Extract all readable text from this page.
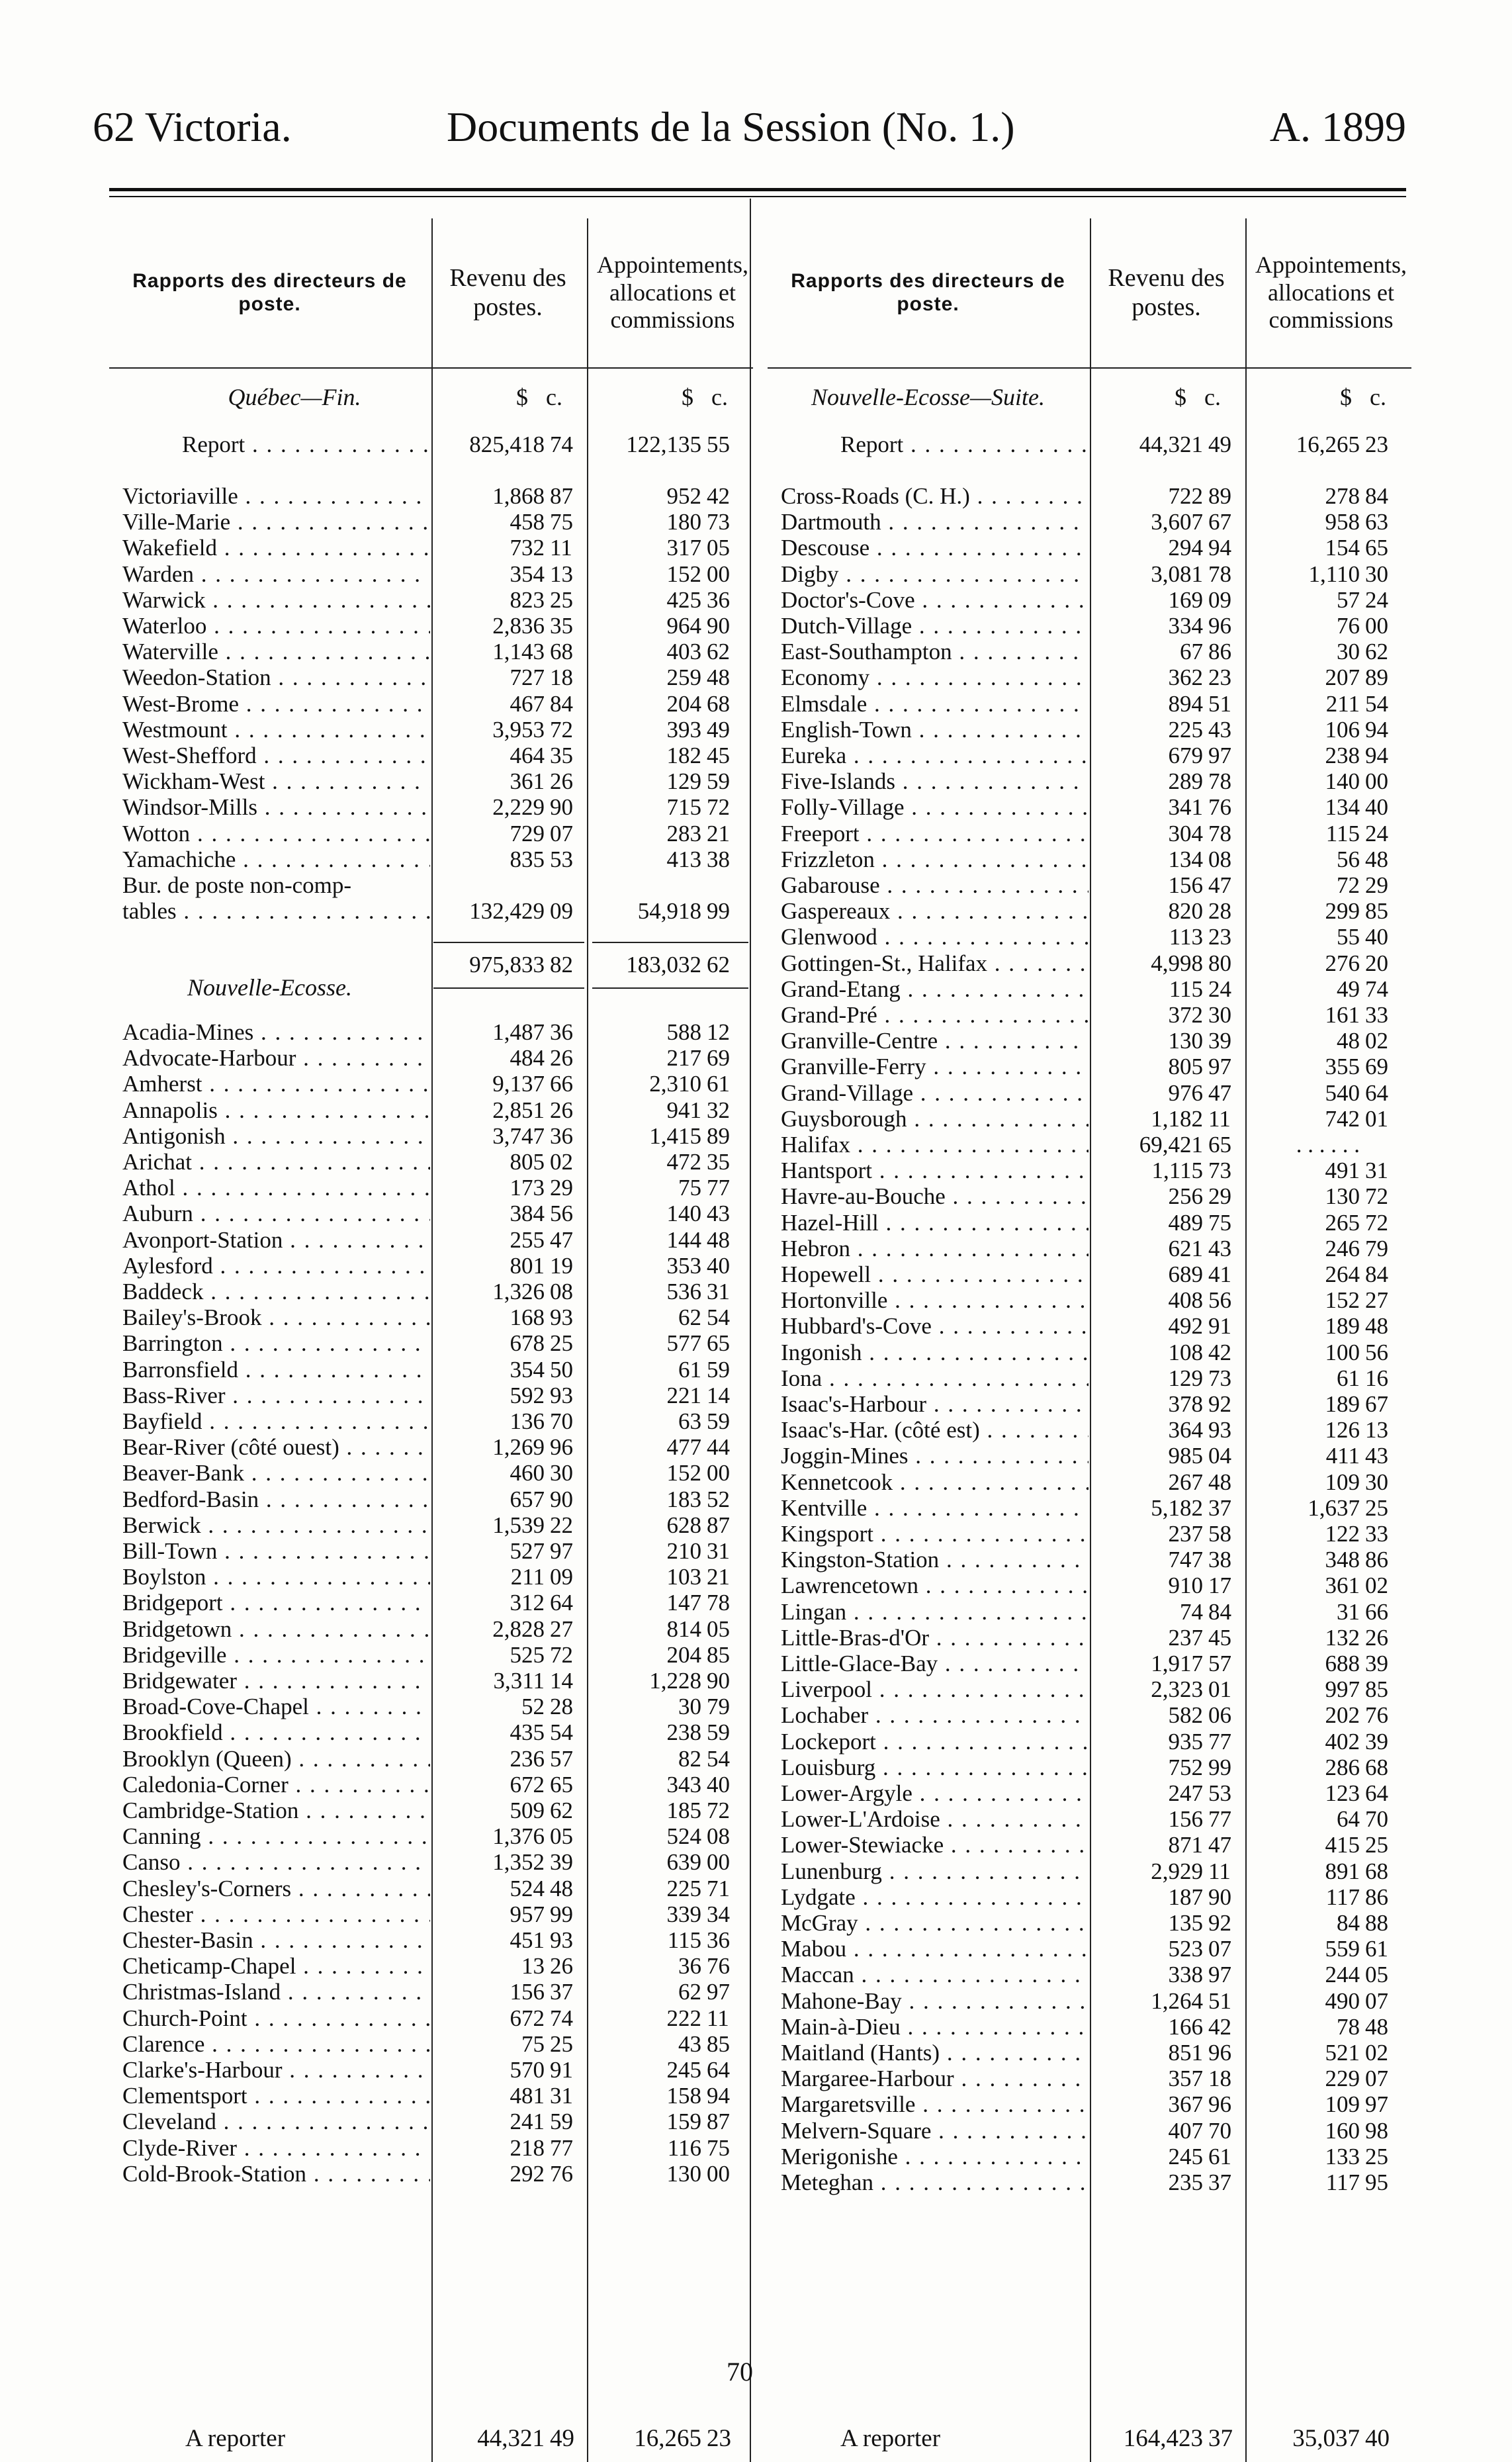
62 Victoria.	Documents de la Session (No. 1.)	A. 1899
Rapports des directeurs de poste.
Revenu des postes.
Appointements, allocations et commissions
Québec—Fin.	$ c.	$ c.
Report . . .	825,418 74	122,135 55
Victoriaville . . .	1,868 87	952 42
Ville-Marie . . .	458 75	180 73
Wakefield . . .	732 11	317 05
Warden . . .	354 13	152 00
Warwick . . .	823 25	425 36
Waterloo . . .	2,836 35	964 90
Waterville . . .	1,143 68	403 62
Weedon-Station . . .	727 18	259 48
West-Brome . . .	467 84	204 68
Westmount . . .	3,953 72	393 49
West-Shefford . . .	464 35	182 45
Wickham-West . . .	361 26	129 59
Windsor-Mills . . .	2,229 90	715 72
Wotton . . .	729 07	283 21
Yamachiche . . .	835 53	413 38
Bur. de poste non-comp-
tables . . .	132,429 09	54,918 99
975,833 82	183,032 62
Nouvelle-Ecosse.
Acadia-Mines . . .	1,487 36	588 12
Advocate-Harbour . . .	484 26	217 69
Amherst . . .	9,137 66	2,310 61
Annapolis . . .	2,851 26	941 32
Antigonish . . .	3,747 36	1,415 89
Arichat . . .	805 02	472 35
Athol . . .	173 29	75 77
Auburn . . .	384 56	140 43
Avonport-Station . . .	255 47	144 48
Aylesford . . .	801 19	353 40
Baddeck . . .	1,326 08	536 31
Bailey's-Brook . . .	168 93	62 54
Barrington . . .	678 25	577 65
Barronsfield . . .	354 50	61 59
Bass-River . . .	592 93	221 14
Bayfield . . .	136 70	63 59
Bear-River (côté ouest) . . .	1,269 96	477 44
Beaver-Bank . . .	460 30	152 00
Bedford-Basin . . .	657 90	183 52
Berwick . . .	1,539 22	628 87
Bill-Town . . .	527 97	210 31
Boylston . . .	211 09	103 21
Bridgeport . . .	312 64	147 78
Bridgetown . . .	2,828 27	814 05
Bridgeville . . .	525 72	204 85
Bridgewater . . .	3,311 14	1,228 90
Broad-Cove-Chapel . . .	52 28	30 79
Brookfield . . .	435 54	238 59
Brooklyn (Queen) . . .	236 57	82 54
Caledonia-Corner . . .	672 65	343 40
Cambridge-Station . . .	509 62	185 72
Canning . . .	1,376 05	524 08
Canso . . .	1,352 39	639 00
Chesley's-Corners . . .	524 48	225 71
Chester . . .	957 99	339 34
Chester-Basin . . .	451 93	115 36
Cheticamp-Chapel . . .	13 26	36 76
Christmas-Island . . .	156 37	62 97
Church-Point . . .	672 74	222 11
Clarence . . .	75 25	43 85
Clarke's-Harbour . . .	570 91	245 64
Clementsport . . .	481 31	158 94
Cleveland . . .	241 59	159 87
Clyde-River . . .	218 77	116 75
Cold-Brook-Station . . .	292 76	130 00
A reporter	44,321 49	16,265 23
Rapports des directeurs de poste.
Revenu des postes.
Appointements, allocations et commissions
Nouvelle-Ecosse—Suite.	$ c.	$ c.
Report . . .	44,321 49	16,265 23
Cross-Roads (C. H.) . . .	722 89	278 84
Dartmouth . . .	3,607 67	958 63
Descouse . . .	294 94	154 65
Digby . . .	3,081 78	1,110 30
Doctor's-Cove . . .	169 09	57 24
Dutch-Village . . .	334 96	76 00
East-Southampton . . .	67 86	30 62
Economy . . .	362 23	207 89
Elmsdale . . .	894 51	211 54
English-Town . . .	225 43	106 94
Eureka . . .	679 97	238 94
Five-Islands . . .	289 78	140 00
Folly-Village . . .	341 76	134 40
Freeport . . .	304 78	115 24
Frizzleton . . .	134 08	56 48
Gabarouse . . .	156 47	72 29
Gaspereaux . . .	820 28	299 85
Glenwood . . .	113 23	55 40
Gottingen-St., Halifax . . .	4,998 80	276 20
Grand-Etang . . .	115 24	49 74
Grand-Pré . . .	372 30	161 33
Granville-Centre . . .	130 39	48 02
Granville-Ferry . . .	805 97	355 69
Grand-Village . . .	976 47	540 64
Guysborough . . .	1,182 11	742 01
Halifax . . .	69,421 65	. . . . . .
Hantsport . . .	1,115 73	491 31
Havre-au-Bouche . . .	256 29	130 72
Hazel-Hill . . .	489 75	265 72
Hebron . . .	621 43	246 79
Hopewell . . .	689 41	264 84
Hortonville . . .	408 56	152 27
Hubbard's-Cove . . .	492 91	189 48
Ingonish . . .	108 42	100 56
Iona . . .	129 73	61 16
Isaac's-Harbour . . .	378 92	189 67
Isaac's-Har. (côté est) . . .	364 93	126 13
Joggin-Mines . . .	985 04	411 43
Kennetcook . . .	267 48	109 30
Kentville . . .	5,182 37	1,637 25
Kingsport . . .	237 58	122 33
Kingston-Station . . .	747 38	348 86
Lawrencetown . . .	910 17	361 02
Lingan . . .	74 84	31 66
Little-Bras-d'Or . . .	237 45	132 26
Little-Glace-Bay . . .	1,917 57	688 39
Liverpool . . .	2,323 01	997 85
Lochaber . . .	582 06	202 76
Lockeport . . .	935 77	402 39
Louisburg . . .	752 99	286 68
Lower-Argyle . . .	247 53	123 64
Lower-L'Ardoise . . .	156 77	64 70
Lower-Stewiacke . . .	871 47	415 25
Lunenburg . . .	2,929 11	891 68
Lydgate . . .	187 90	117 86
McGray . . .	135 92	84 88
Mabou . . .	523 07	559 61
Maccan . . .	338 97	244 05
Mahone-Bay . . .	1,264 51	490 07
Main-à-Dieu . . .	166 42	78 48
Maitland (Hants) . . .	851 96	521 02
Margaree-Harbour . . .	357 18	229 07
Margaretsville . . .	367 96	109 97
Melvern-Square . . .	407 70	160 98
Merigonishe . . .	245 61	133 25
Meteghan . . .	235 37	117 95
A reporter	164,423 37	35,037 40
70
